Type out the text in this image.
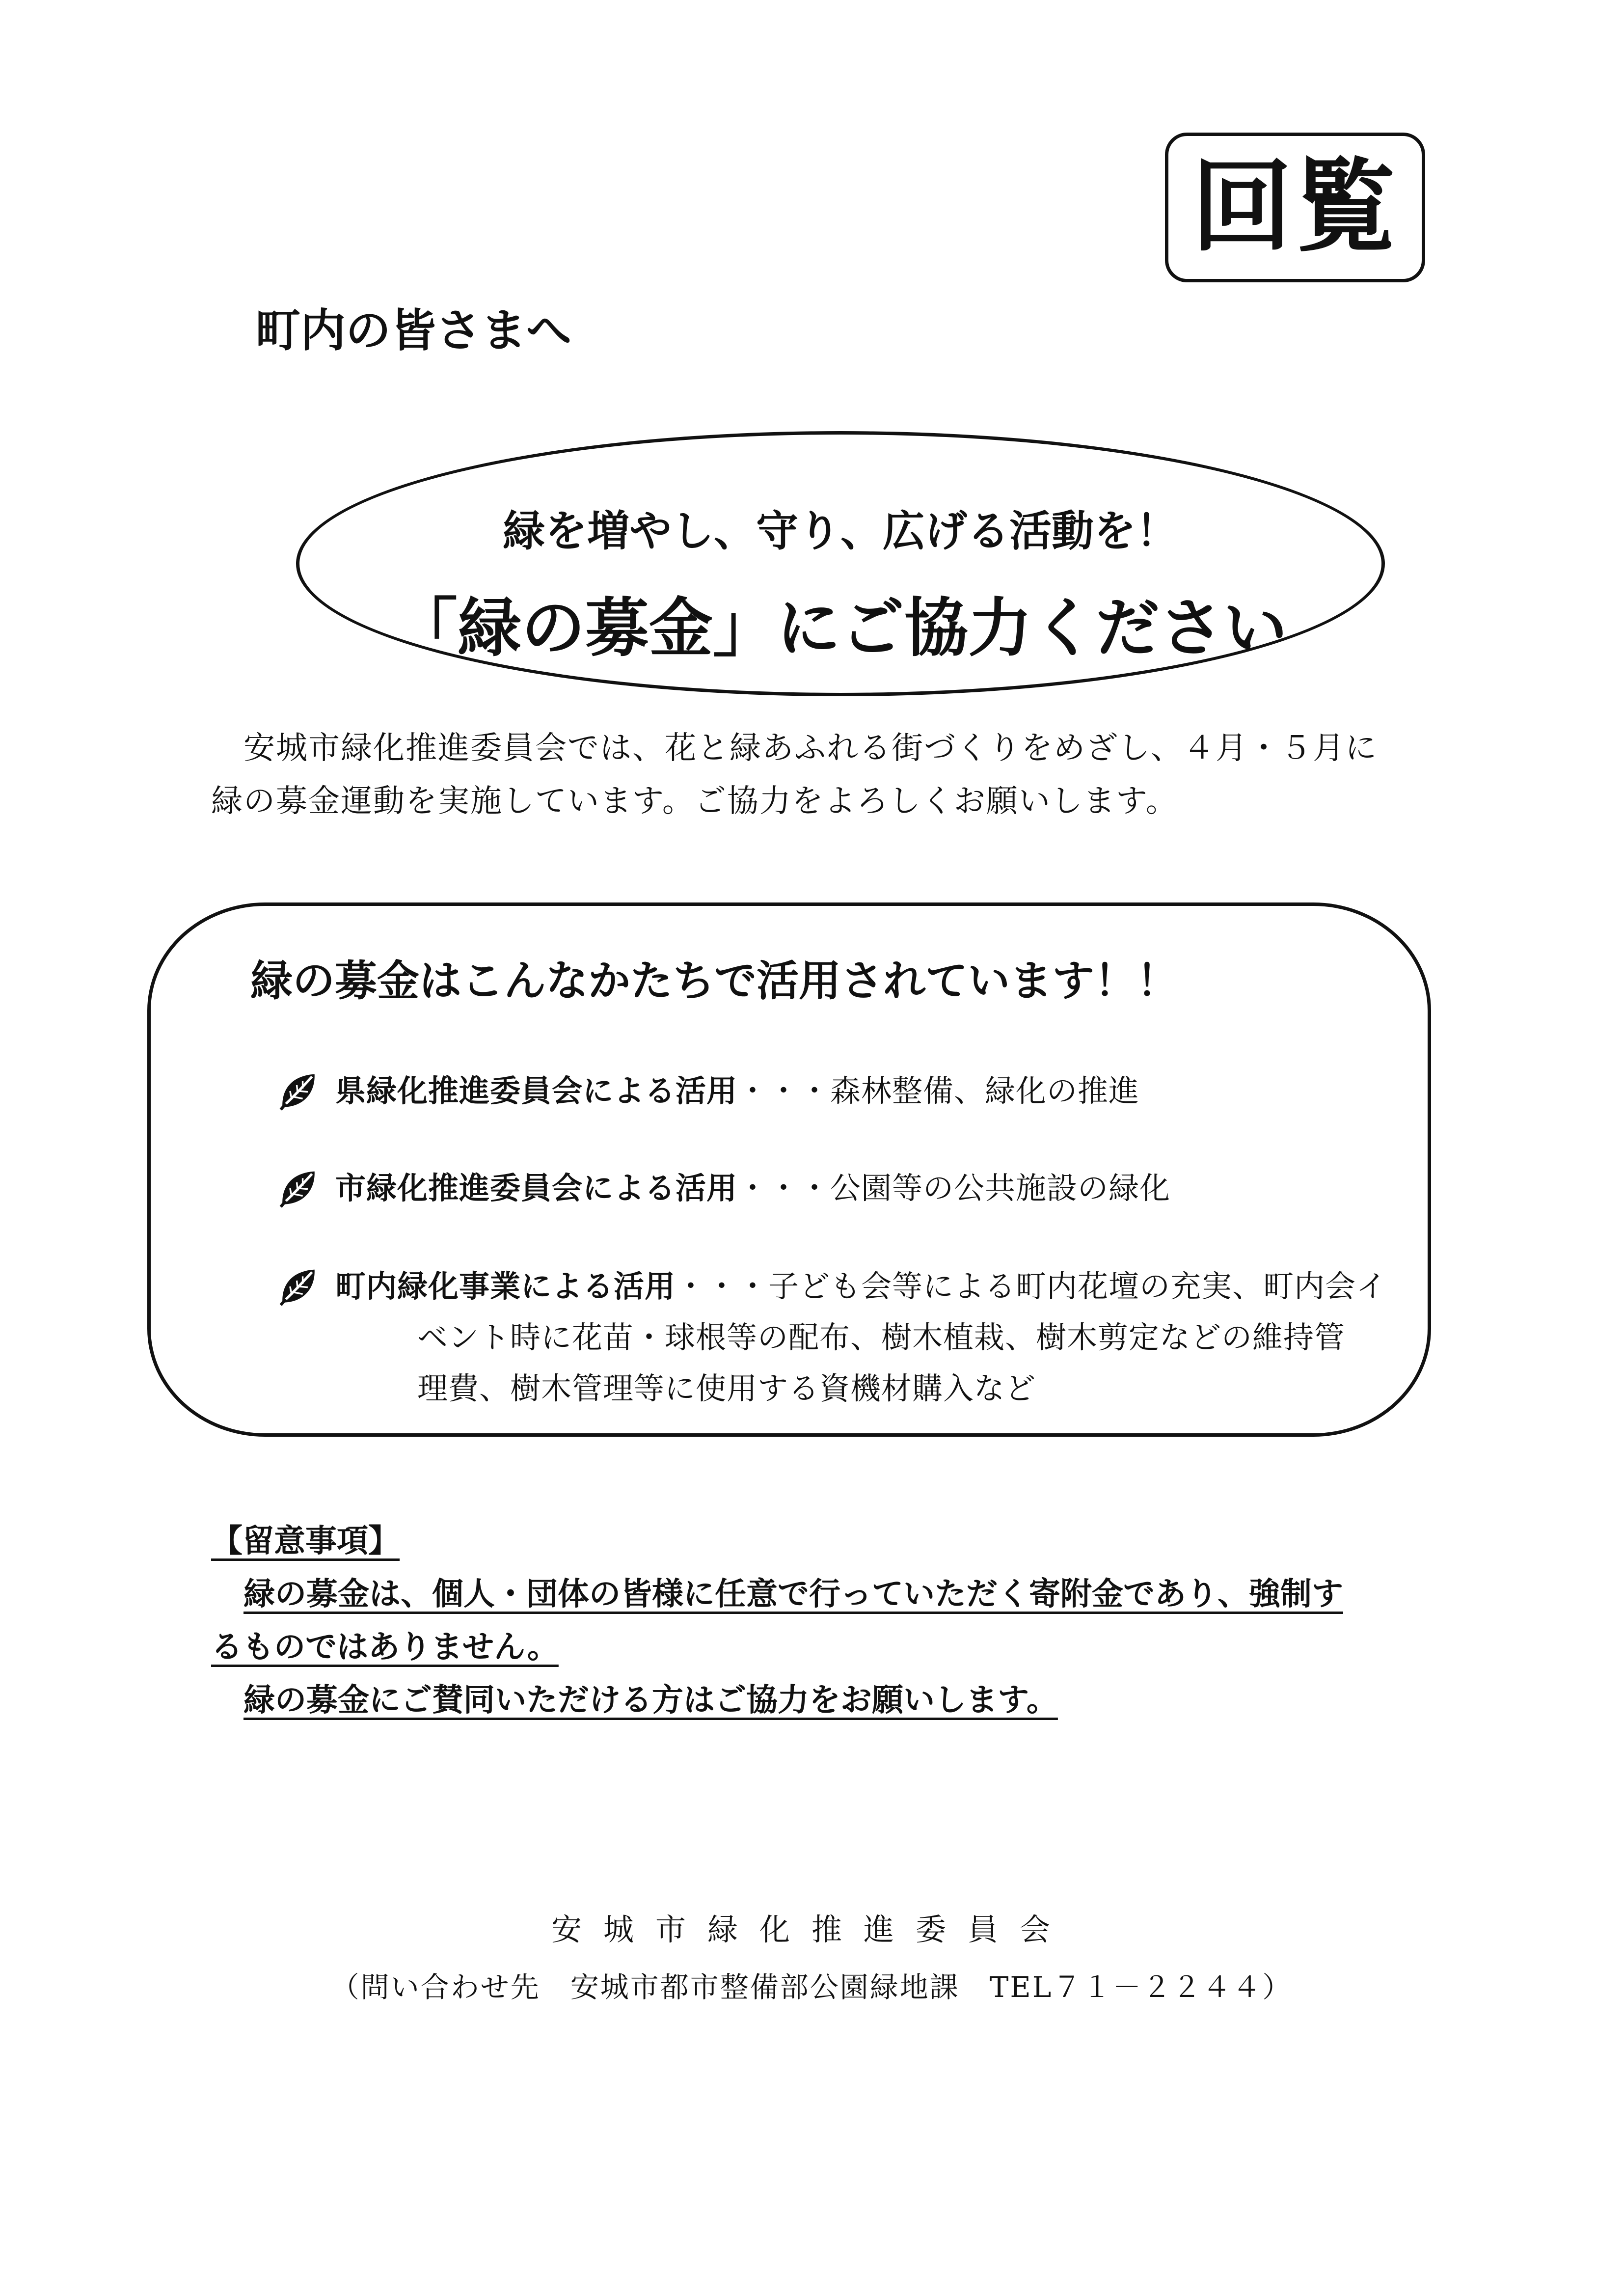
回覧
町内の皆さまへ
緑を増やし、守り、広げる活動を！
「緑の募金」にご協力ください

安城市緑化推進委員会では、花と緑あふれる街づくりをめざし、４月・５月に

緑の募金運動を実施しています。ご協力をよろしくお願いします。

緑の募金はこんなかたちで活用されています！！
県緑化推進委員会による活用 ・・・森林整備、緑化の推進
市緑化推進委員会による活用 ・・・公園等の公共施設の緑化
町内緑化事業による活用 ・・・子ども会等による町内花壇の充実、町内会イ
ベント時に花苗・球根等の配布、樹木植栽、樹木剪定などの維持管
理費、樹木管理等に使用する資機材購入など

【留意事項】

緑の募金は、個人・団体の皆様に任意で行っていただく寄附金であり、強制す

るものではありません。

緑の募金にご賛同いただける方はご協力をお願いします。

安城市緑化推進委員会
（問い合わせ先　安城市都市整備部公園緑地課　TEL７１－２２４４）
